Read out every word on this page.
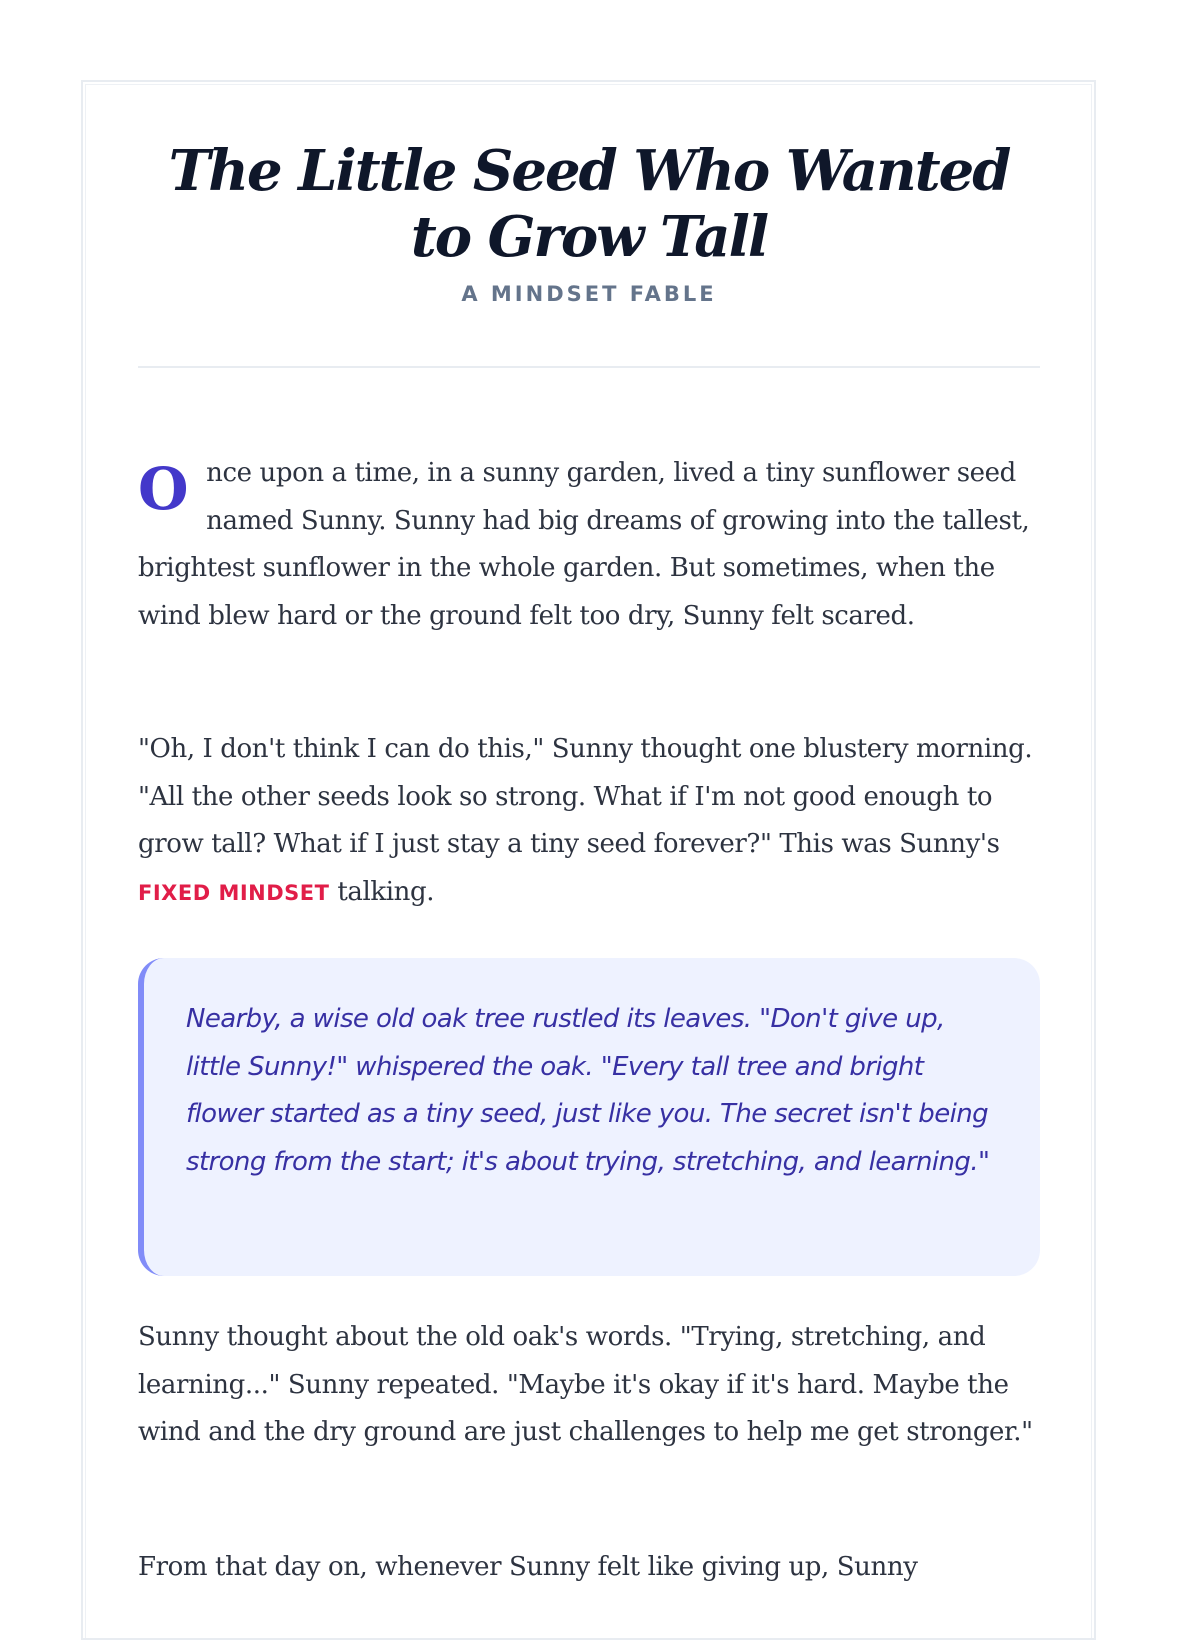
The Little Seed Who Wanted to Grow Tall
A MINDSET FABLE

Once upon a time, in a sunny garden, lived a tiny sunflower seed named Sunny. Sunny had big dreams of growing into the tallest, brightest sunflower in the whole garden. But sometimes, when the wind blew hard or the ground felt too dry, Sunny felt scared.

"Oh, I don't think I can do this," Sunny thought one blustery morning. "All the other seeds look so strong. What if I'm not good enough to grow tall? What if I just stay a tiny seed forever?" This was Sunny's FIXED MINDSET talking.

Nearby, a wise old oak tree rustled its leaves. "Don't give up, little Sunny!" whispered the oak. "Every tall tree and bright flower started as a tiny seed, just like you. The secret isn't being strong from the start; it's about trying, stretching, and learning."

Sunny thought about the old oak's words. "Trying, stretching, and learning..." Sunny repeated. "Maybe it's okay if it's hard. Maybe the wind and the dry ground are just challenges to help me get stronger."

From that day on, whenever Sunny felt like giving up, Sunny
